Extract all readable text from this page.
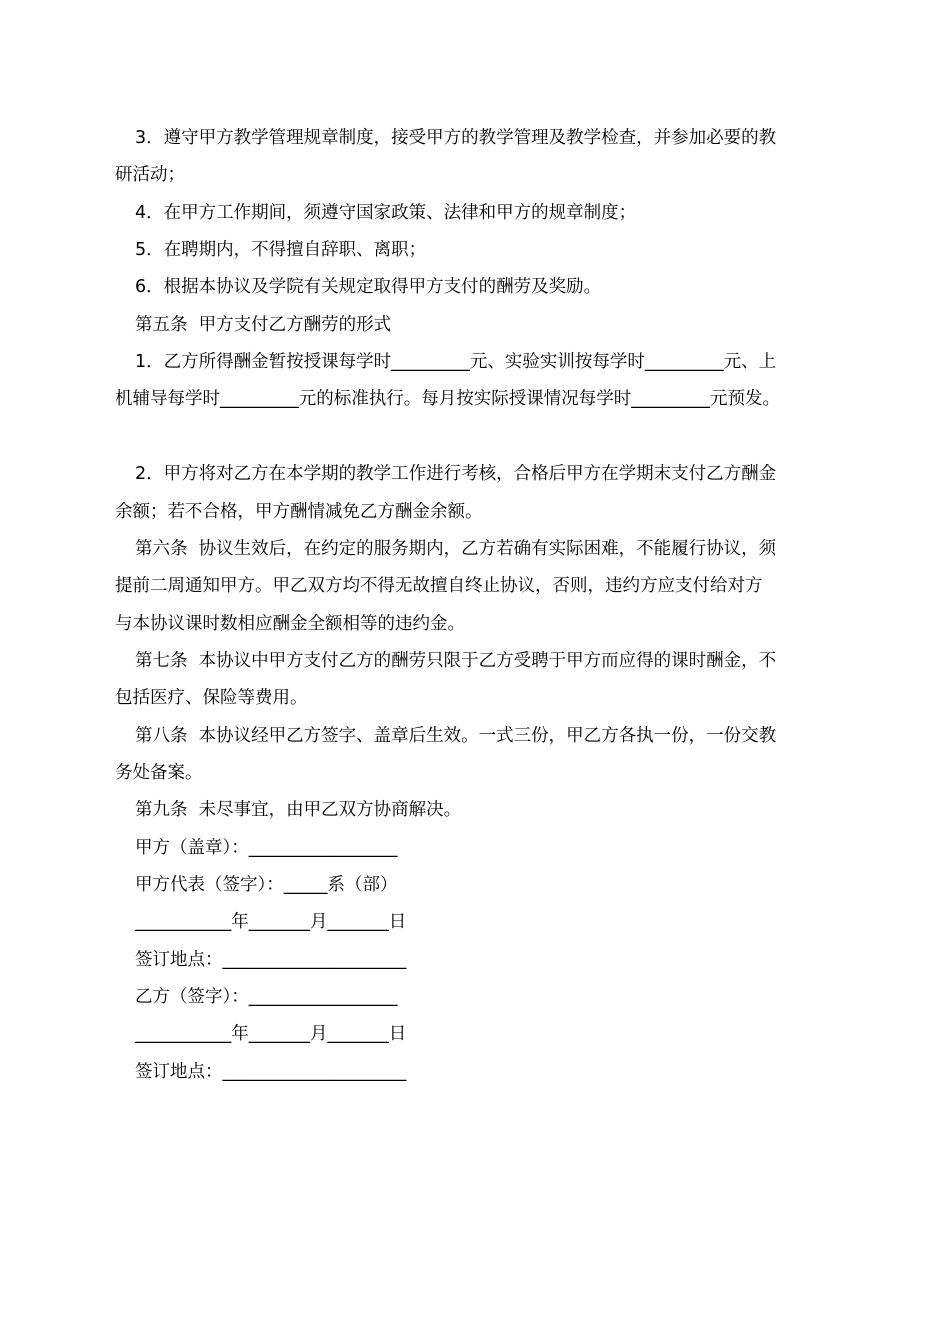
3．遵守甲方教学管理规章制度，接受甲方的教学管理及教学检查，并参加必要的教
研活动；
4．在甲方工作期间，须遵守国家政策、法律和甲方的规章制度；
5．在聘期内，不得擅自辞职、离职；
6．根据本协议及学院有关规定取得甲方支付的酬劳及奖励。
第五条  甲方支付乙方酬劳的形式
1．乙方所得酬金暂按授课每学时_________元、实验实训按每学时_________元、上
机辅导每学时_________元的标准执行。每月按实际授课情况每学时_________元预发。
2．甲方将对乙方在本学期的教学工作进行考核，合格后甲方在学期末支付乙方酬金
余额；若不合格，甲方酬情减免乙方酬金余额。
第六条  协议生效后，在约定的服务期内，乙方若确有实际困难，不能履行协议，须
提前二周通知甲方。甲乙双方均不得无故擅自终止协议，否则，违约方应支付给对方
与本协议课时数相应酬金全额相等的违约金。
第七条  本协议中甲方支付乙方的酬劳只限于乙方受聘于甲方而应得的课时酬金，不
包括医疗、保险等费用。
第八条  本协议经甲乙方签字、盖章后生效。一式三份，甲乙方各执一份，一份交教
务处备案。
第九条  未尽事宜，由甲乙双方协商解决。
甲方（盖章）：_________________
甲方代表（签字）：_____系（部）
___________年_______月_______日
签订地点：_____________________
乙方（签字）：_________________
___________年_______月_______日
签订地点：_____________________
